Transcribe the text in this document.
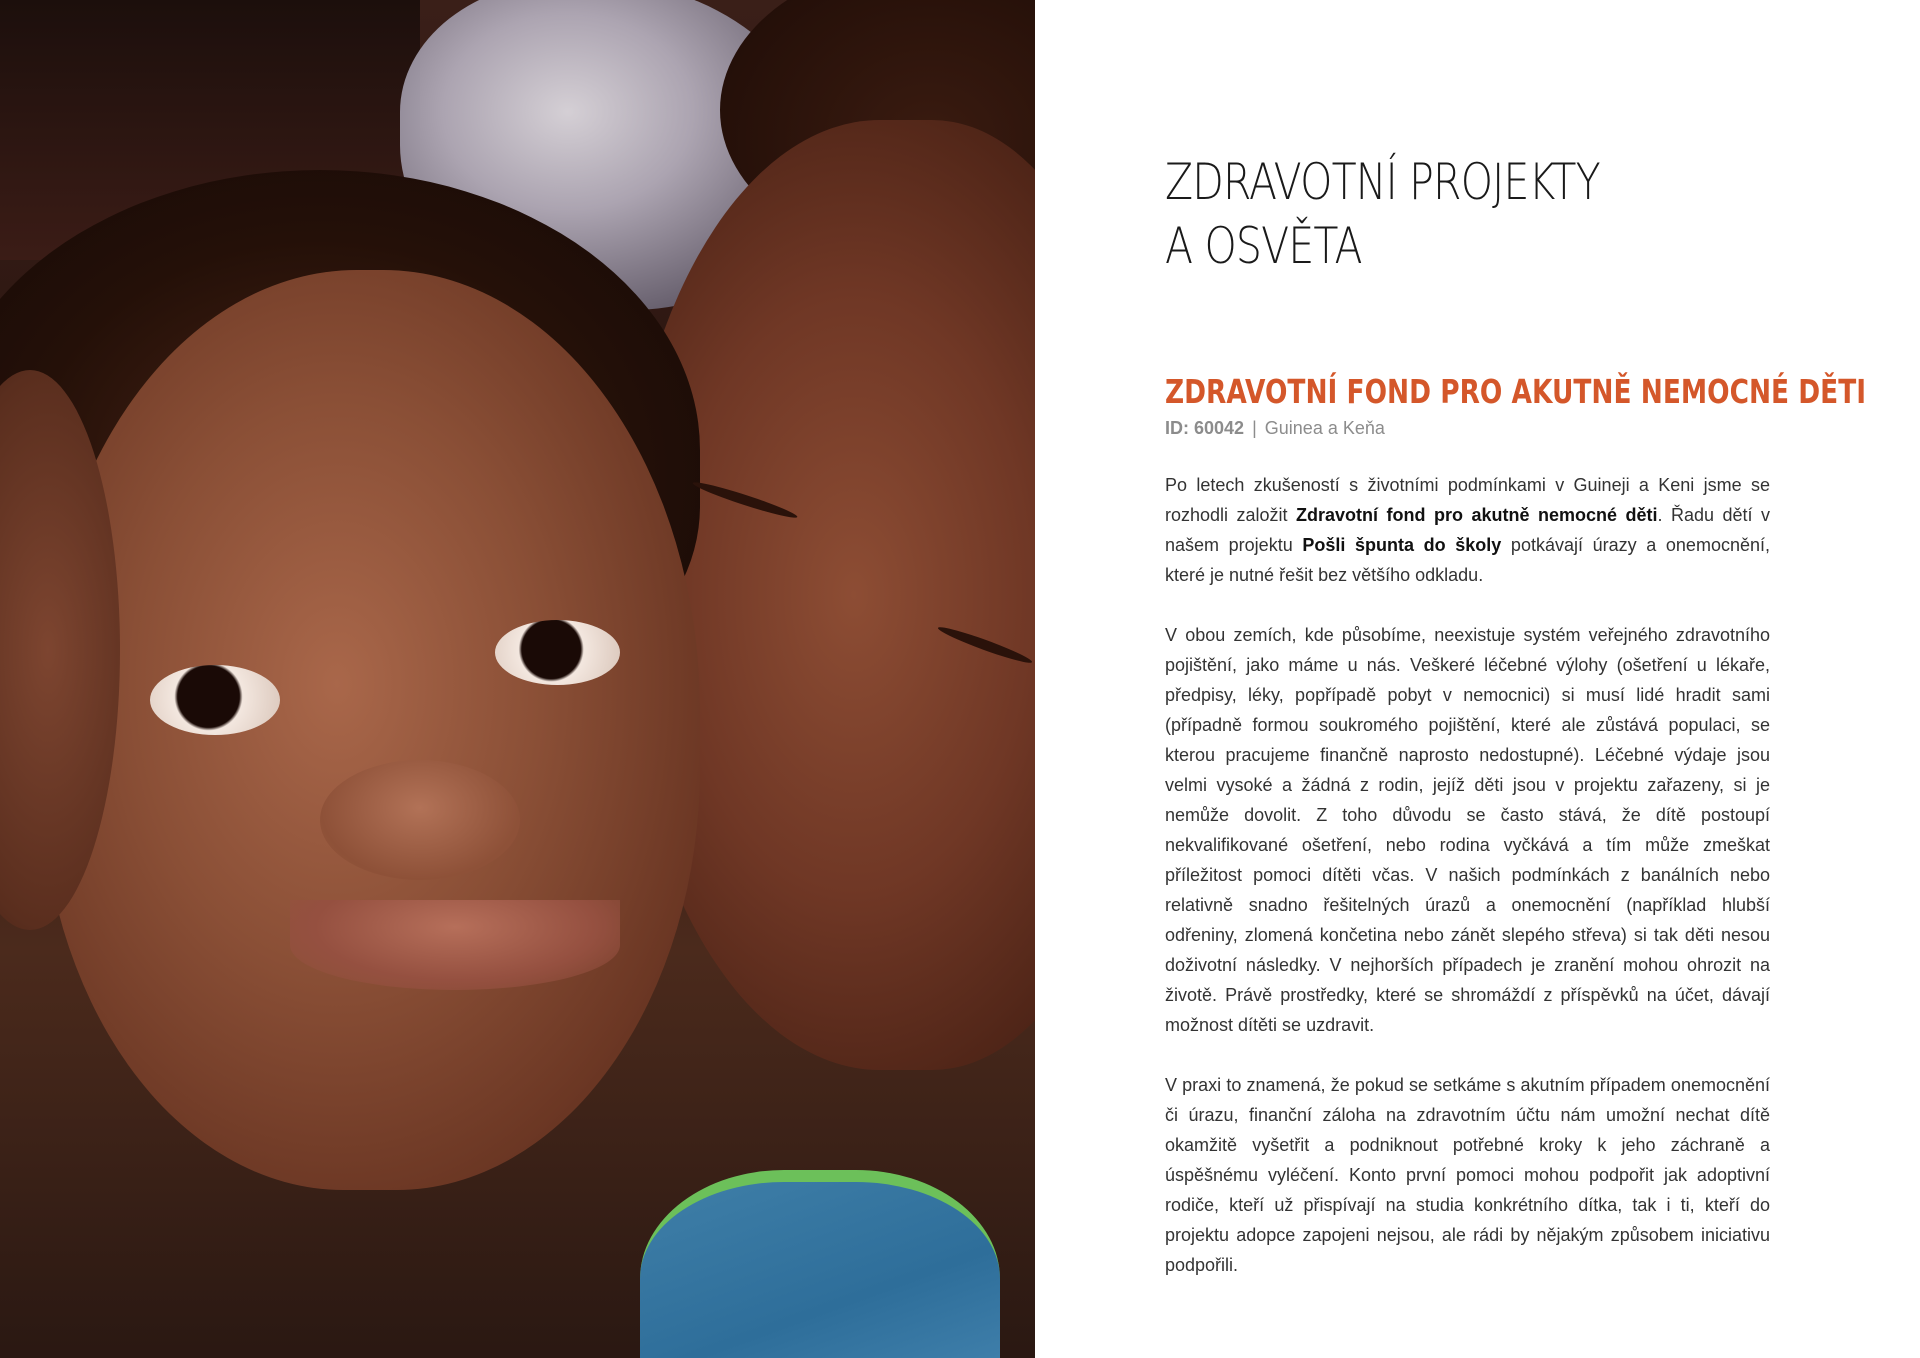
ZDRAVOTNÍ PROJEKTY
A OSVĚTA
ZDRAVOTNÍ FOND PRO AKUTNĚ NEMOCNÉ DĚTI
ID: 60042 | Guinea a Keňa

Po letech zkušeností s životními podmínkami v Guineji a Keni jsme se rozhodli založit Zdravotní fond pro akutně nemocné děti. Řadu dětí v našem projektu Pošli špunta do školy potkávají úrazy a onemocnění, které je nutné řešit bez většího odkladu.

V obou zemích, kde působíme, neexistuje systém veřejného zdravotního pojištění, jako máme u nás. Veškeré léčebné výlohy (ošetření u lékaře, předpisy, léky, popřípadě pobyt v nemocnici) si musí lidé hradit sami (případně formou soukromého pojištění, které ale zůstává populaci, se kterou pracujeme finančně naprosto nedostupné). Léčebné výdaje jsou velmi vysoké a žádná z rodin, jejíž děti jsou v projektu zařazeny, si je nemůže dovolit. Z toho důvodu se často stává, že dítě postoupí nekvalifikované ošetření, nebo rodina vyčkává a tím může zmeškat příležitost pomoci dítěti včas. V našich podmínkách z banálních nebo relativně snadno řešitelných úrazů a onemocnění (například hlubší odřeniny, zlomená končetina nebo zánět slepého střeva) si tak děti nesou doživotní následky. V nejhorších případech je zranění mohou ohrozit na životě. Právě prostředky, které se shromáždí z příspěvků na účet, dávají možnost dítěti se uzdravit.

V praxi to znamená, že pokud se setkáme s akutním případem onemocnění či úrazu, finanční záloha na zdravotním účtu nám umožní nechat dítě okamžitě vyšetřit a podniknout potřebné kroky k jeho záchraně a úspěšnému vyléčení. Konto první pomoci mohou podpořit jak adoptivní rodiče, kteří už přispívají na studia konkrétního dítka, tak i ti, kteří do projektu adopce zapojeni nejsou, ale rádi by nějakým způsobem iniciativu podpořili.
